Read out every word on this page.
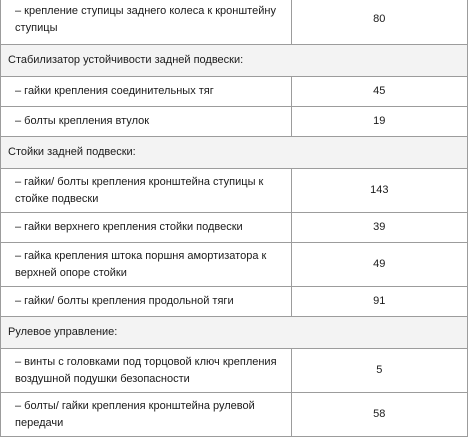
– крепление ступицы заднего колеса к кронштейну ступицы	80
Стабилизатор устойчивости задней подвески:	

– гайки крепления соединительных тяг	45

– болты крепления втулок	19
Стойки задней подвески:	

– гайки/ болты крепления кронштейна ступицы к стойке подвески	143

– гайки верхнего крепления стойки подвески	39

– гайка крепления штока поршня амортизатора к верхней опоре стойки	49

– гайки/ болты крепления продольной тяги	91
Рулевое управление:	

– винты с головками под торцовой ключ крепления воздушной подушки безопасности	5

– болты/ гайки крепления кронштейна рулевой передачи	58
